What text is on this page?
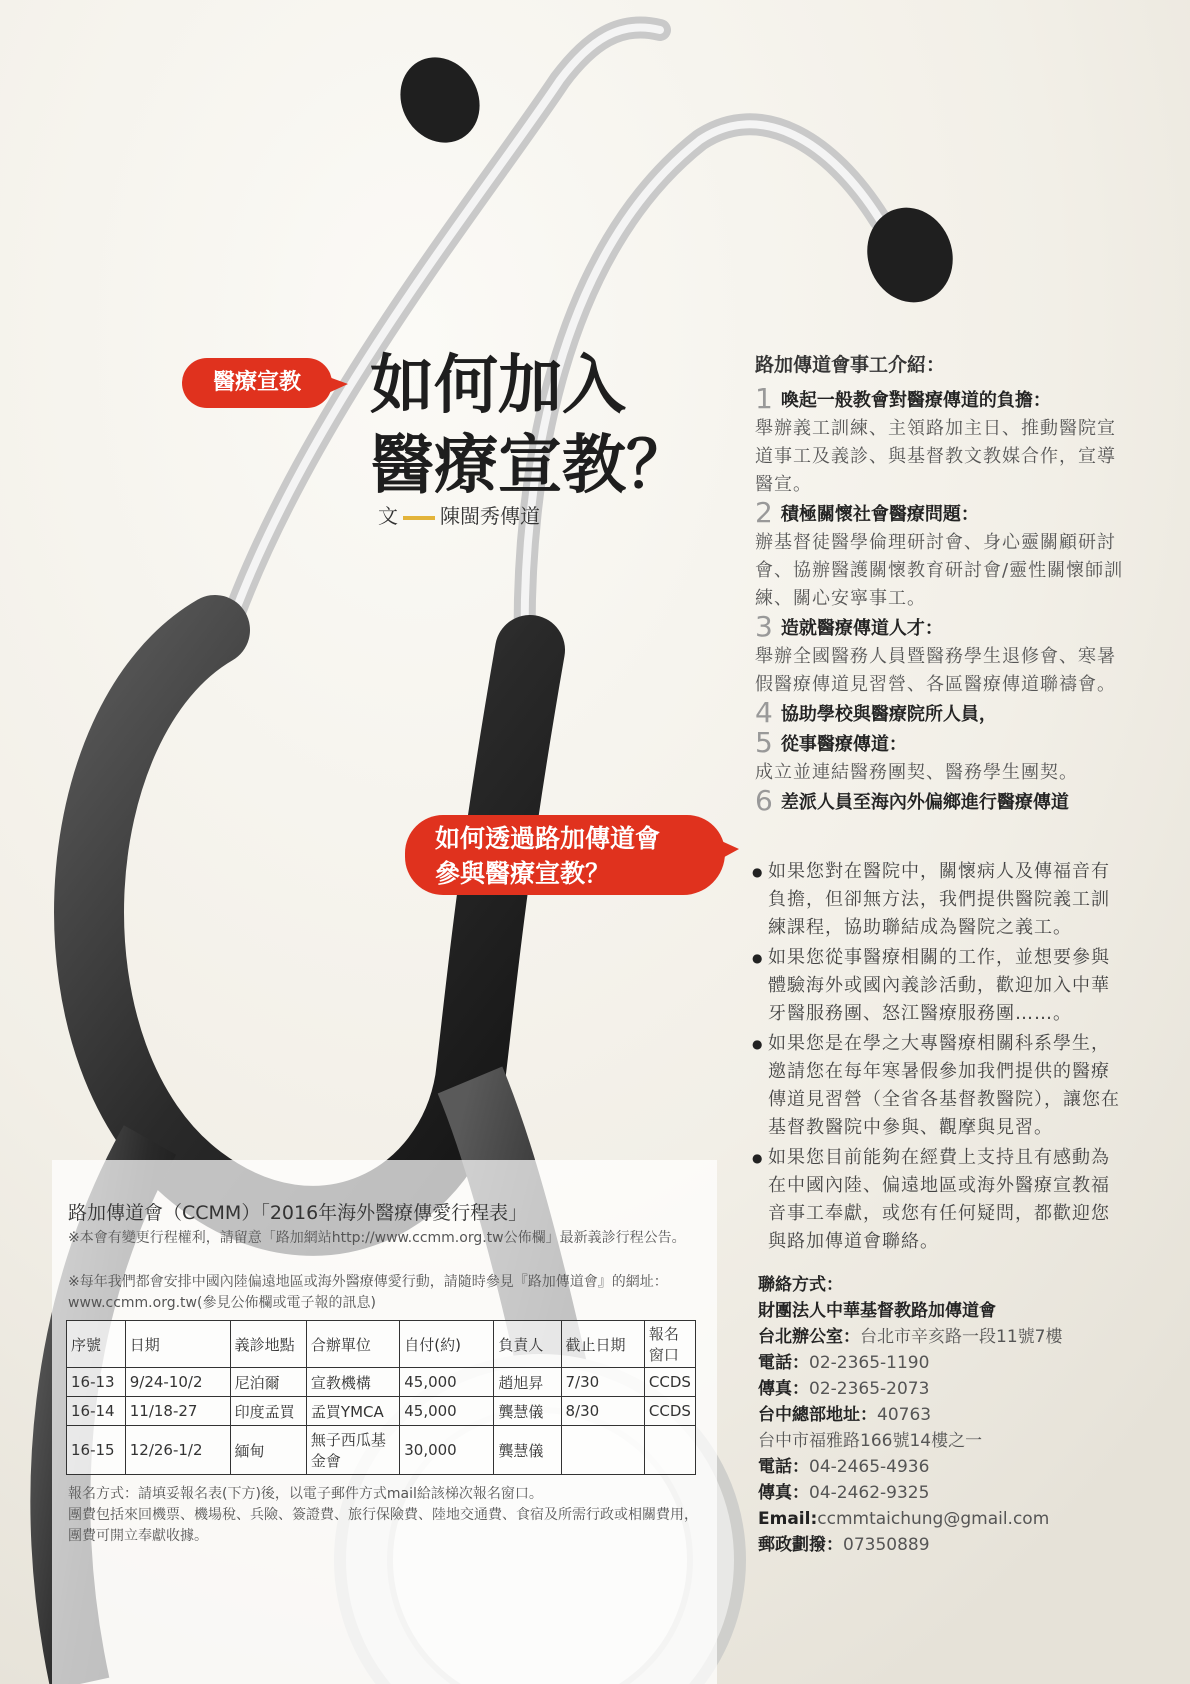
醫療宣教	如何加入
醫療宣教？
文 陳閩秀傳道
如何透過路加傳道會
參與醫療宣教？
路加傳道會事工介紹：
1 喚起一般教會對醫療傳道的負擔：
舉辦義工訓練、主領路加主日、推動醫院宣道事工及義診、與基督教文教媒合作，宣導醫宣。
2 積極關懷社會醫療問題：
辦基督徒醫學倫理研討會、身心靈關顧研討會、協辦醫護關懷教育研討會/靈性關懷師訓練、關心安寧事工。
3 造就醫療傳道人才：
舉辦全國醫務人員暨醫務學生退修會、寒暑假醫療傳道見習營、各區醫療傳道聯禱會。
4 協助學校與醫療院所人員，
5 從事醫療傳道：
成立並連結醫務團契、醫務學生團契。
6 差派人員至海內外偏鄉進行醫療傳道
● 如果您對在醫院中，關懷病人及傳福音有負擔，但卻無方法，我們提供醫院義工訓練課程，協助聯結成為醫院之義工。
● 如果您從事醫療相關的工作，並想要參與體驗海外或國內義診活動，歡迎加入中華牙醫服務團、怒江醫療服務團……。
● 如果您是在學之大專醫療相關科系學生，邀請您在每年寒暑假參加我們提供的醫療傳道見習營（全省各基督教醫院），讓您在基督教醫院中參與、觀摩與見習。
● 如果您目前能夠在經費上支持且有感動為在中國內陸、偏遠地區或海外醫療宣教福音事工奉獻，或您有任何疑問，都歡迎您與路加傳道會聯絡。
聯絡方式：
財團法人中華基督教路加傳道會
台北辦公室：台北市辛亥路一段11號7樓
電話：02-2365-1190
傳真：02-2365-2073
台中總部地址：40763
台中市福雅路166號14樓之一
電話：04-2465-4936
傳真：04-2462-9325
Email:ccmmtaichung@gmail.com
郵政劃撥：07350889
路加傳道會（CCMM）「2016年海外醫療傳愛行程表」
※本會有變更行程權利，請留意「路加網站http://www.ccmm.org.tw公佈欄」最新義診行程公告。
※每年我們都會安排中國內陸偏遠地區或海外醫療傳愛行動，請隨時參見『路加傳道會』的網址：www.ccmm.org.tw(參見公佈欄或電子報的訊息)
序號	日期	義診地點	合辦單位	自付(約)	負責人	截止日期	報名窗口
16-13	9/24-10/2	尼泊爾	宣教機構	45,000	趙旭昇	7/30	CCDS
16-14	11/18-27	印度孟買	孟買YMCA	45,000	龔慧儀	8/30	CCDS
16-15	12/26-1/2	緬甸	無子西瓜基金會	30,000	龔慧儀		
報名方式：請填妥報名表(下方)後，以電子郵件方式mail給該梯次報名窗口。
團費包括來回機票、機場稅、兵險、簽證費、旅行保險費、陸地交通費、食宿及所需行政或相關費用，團費可開立奉獻收據。
